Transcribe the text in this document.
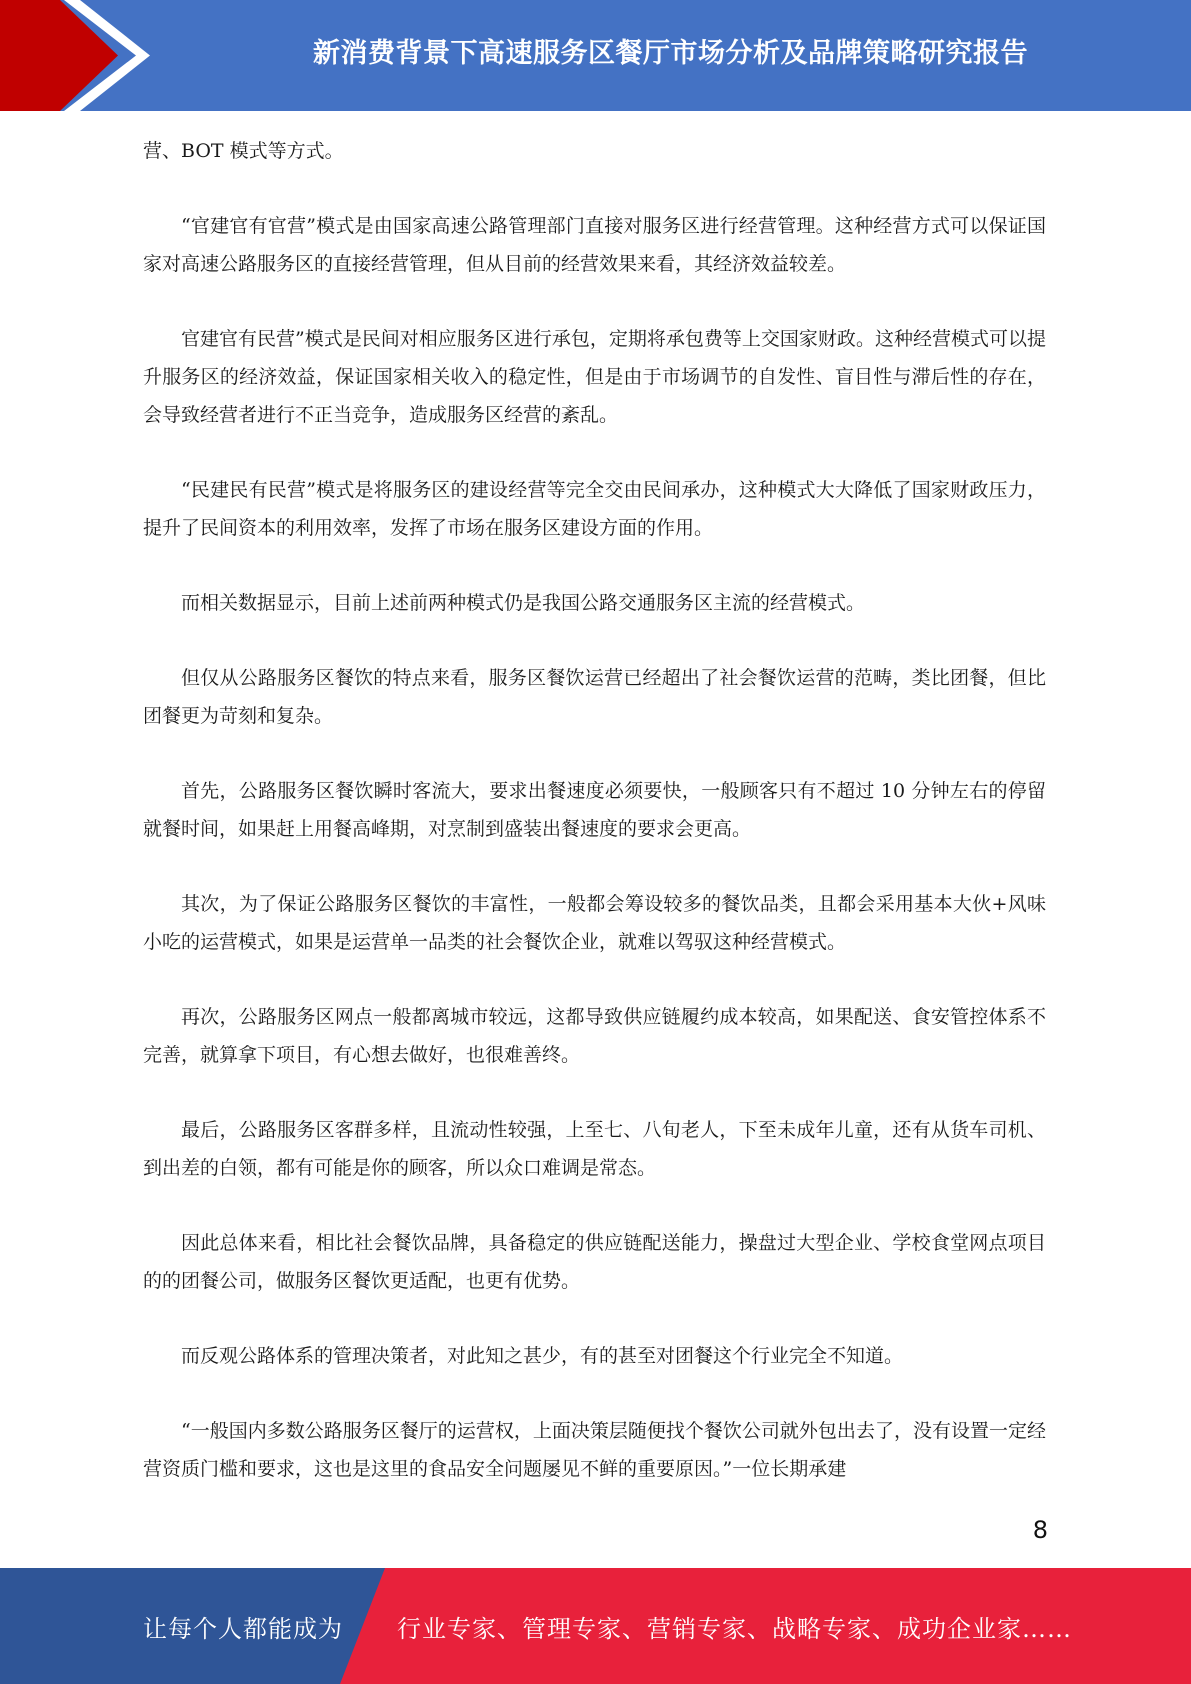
新消费背景下高速服务区餐厅市场分析及品牌策略研究报告

营、BOT 模式等方式。

“官建官有官营”模式是由国家高速公路管理部门直接对服务区进行经营管理。这种经营方式可以保证国家对高速公路服务区的直接经营管理，但从目前的经营效果来看，其经济效益较差。

官建官有民营”模式是民间对相应服务区进行承包，定期将承包费等上交国家财政。这种经营模式可以提升服务区的经济效益，保证国家相关收入的稳定性，但是由于市场调节的自发性、盲目性与滞后性的存在，会导致经营者进行不正当竞争，造成服务区经营的紊乱。

“民建民有民营”模式是将服务区的建设经营等完全交由民间承办，这种模式大大降低了国家财政压力，提升了民间资本的利用效率，发挥了市场在服务区建设方面的作用。

而相关数据显示，目前上述前两种模式仍是我国公路交通服务区主流的经营模式。

但仅从公路服务区餐饮的特点来看，服务区餐饮运营已经超出了社会餐饮运营的范畴，类比团餐，但比团餐更为苛刻和复杂。

首先，公路服务区餐饮瞬时客流大，要求出餐速度必须要快，一般顾客只有不超过 10 分钟左右的停留就餐时间，如果赶上用餐高峰期，对烹制到盛装出餐速度的要求会更高。

其次，为了保证公路服务区餐饮的丰富性，一般都会筹设较多的餐饮品类，且都会采用基本大伙+风味小吃的运营模式，如果是运营单一品类的社会餐饮企业，就难以驾驭这种经营模式。

再次，公路服务区网点一般都离城市较远，这都导致供应链履约成本较高，如果配送、食安管控体系不完善，就算拿下项目，有心想去做好，也很难善终。

最后，公路服务区客群多样，且流动性较强，上至七、八旬老人，下至未成年儿童，还有从货车司机、到出差的白领，都有可能是你的顾客，所以众口难调是常态。

因此总体来看，相比社会餐饮品牌，具备稳定的供应链配送能力，操盘过大型企业、学校食堂网点项目的的团餐公司，做服务区餐饮更适配，也更有优势。

而反观公路体系的管理决策者，对此知之甚少，有的甚至对团餐这个行业完全不知道。

“一般国内多数公路服务区餐厅的运营权，上面决策层随便找个餐饮公司就外包出去了，没有设置一定经营资质门槛和要求，这也是这里的食品安全问题屡见不鲜的重要原因。”一位长期承建

8
让每个人都能成为 行业专家、管理专家、营销专家、战略专家、成功企业家……
